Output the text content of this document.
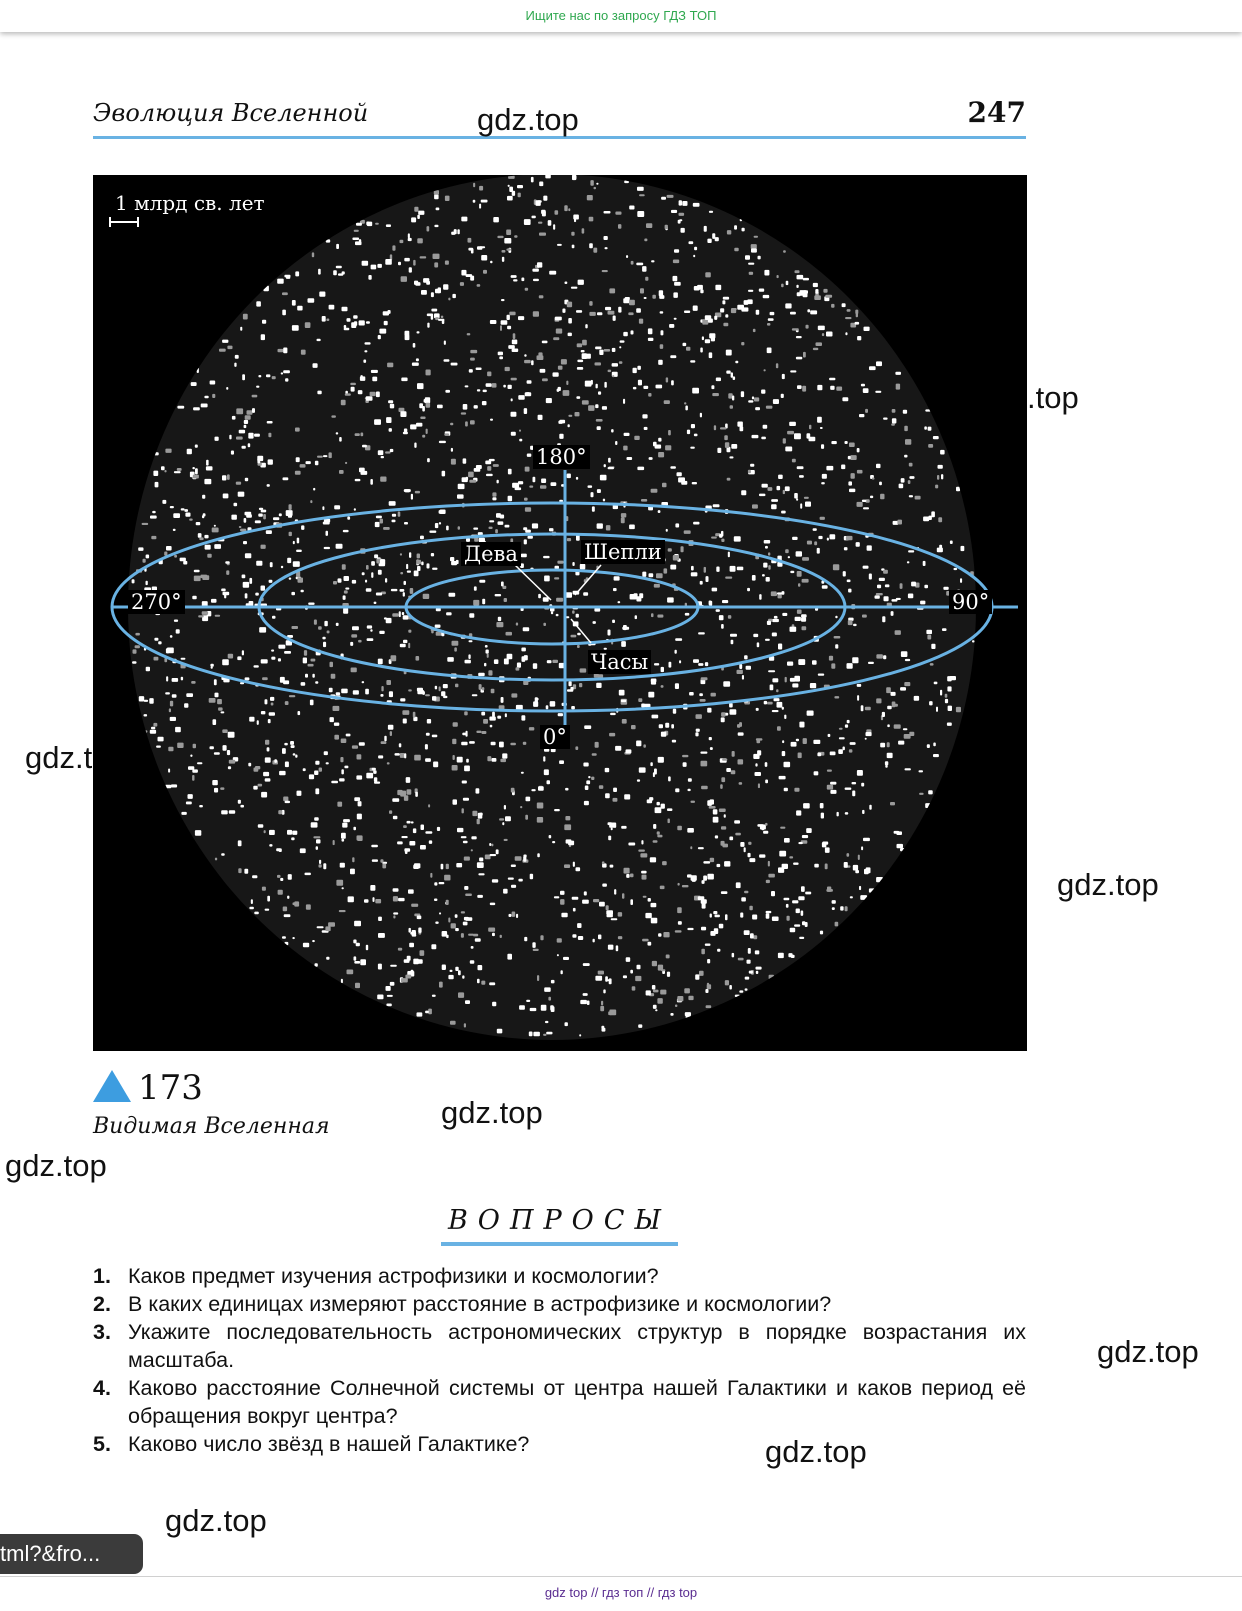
Ищите нас по запросу ГДЗ ТОП
Эволюция Вселенной	247
1 млрд св. лет
180°
0°
270°	90°
Дева	Шепли
Часы
173
Видимая Вселенная
ВОПРОСЫ
1. Каков предмет изучения астрофизики и космологии?
2. В каких единицах измеряют расстояние в астрофизике и космологии?
3. Укажите последовательность астрономических структур в порядке возрастания их масштаба.
4. Каково расстояние Солнечной системы от центра нашей Галактики и каков период её обращения вокруг центра?
5. Каково число звёзд в нашей Галактике?
gdz.top
gdz.top
gdz.top
gdz.top
gdz.top
gdz.top
.top
gdz.t
gdz.top
tml?&fro...
gdz top // гдз топ // гдз top
